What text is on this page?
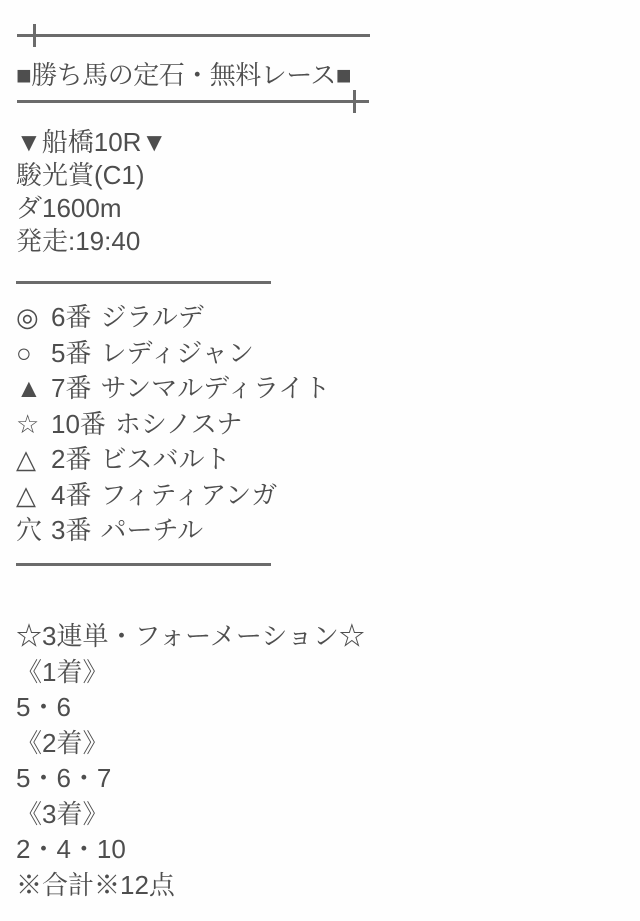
■勝ち馬の定石・無料レース■
▼船橋10R▼
駿光賞(C1)
ダ1600m
発走:19:40
◎ 6番 ジラルデ
○ 5番 レディジャン
▲ 7番 サンマルディライト
☆ 10番 ホシノスナ
△ 2番 ビスバルト
△ 4番 フィティアンガ
穴 3番 パーチル
☆3連単・フォーメーション☆
《1着》
5・6
《2着》
5・6・7
《3着》
2・4・10
※合計※12点
